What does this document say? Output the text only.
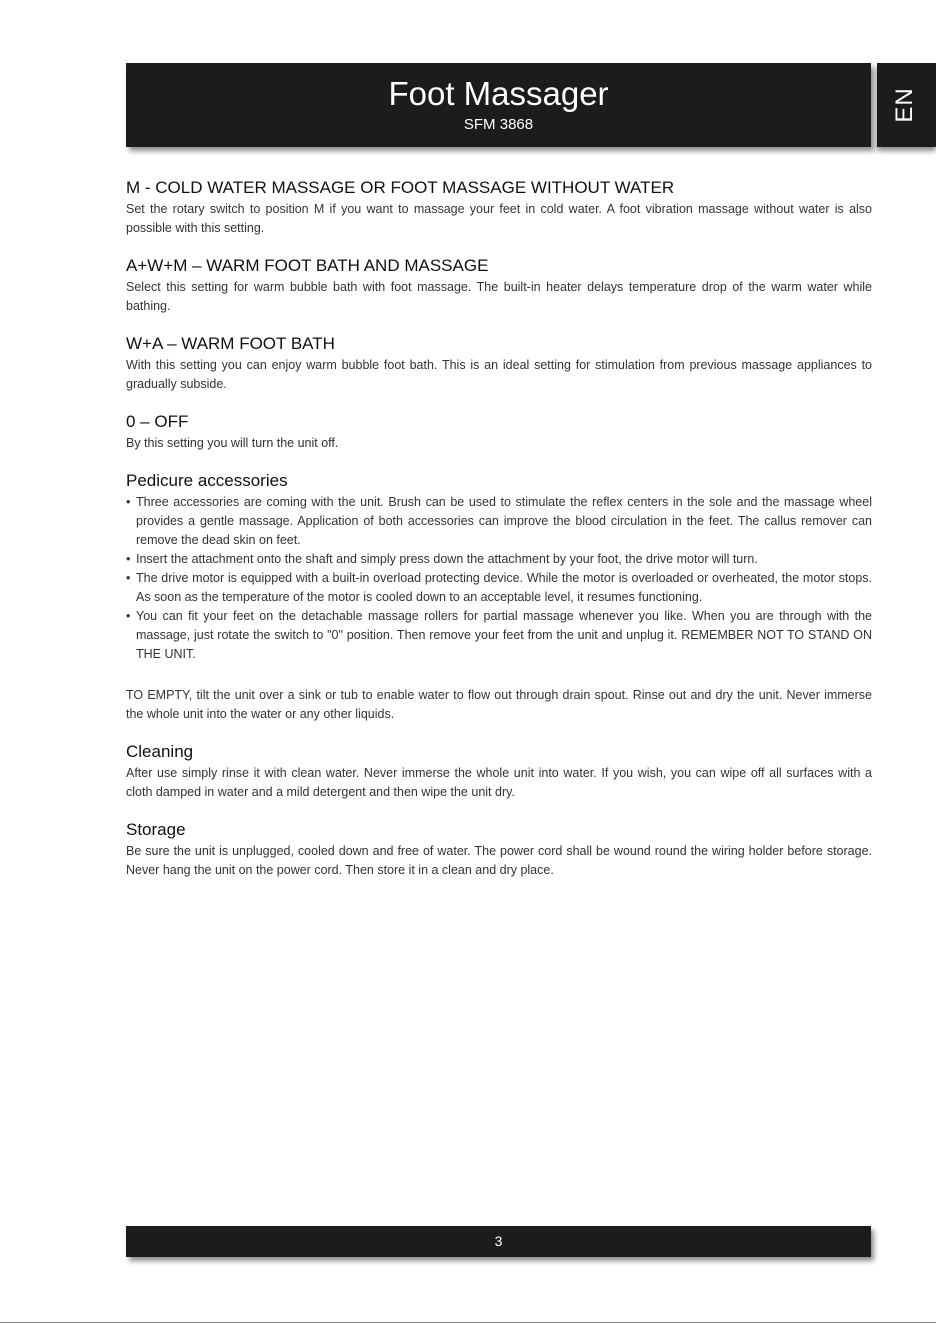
Foot Massager
SFM 3868
EN
M - COLD WATER MASSAGE OR FOOT MASSAGE WITHOUT WATER

Set the rotary switch to position M if you want to massage your feet in cold water. A foot vibration massage without water is also possible with this setting.

A+W+M – WARM FOOT BATH AND MASSAGE

Select this setting for warm bubble bath with foot massage. The built-in heater delays temperature drop of the warm water while bathing.

W+A – WARM FOOT BATH

With this setting you can enjoy warm bubble foot bath. This is an ideal setting for stimulation from previous massage appliances to gradually subside.

0 – OFF

By this setting you will turn the unit off.

Pedicure accessories
• Three accessories are coming with the unit. Brush can be used to stimulate the reflex centers in the sole and the massage wheel provides a gentle massage. Application of both accessories can improve the blood circulation in the feet. The callus remover can remove the dead skin on feet.
• Insert the attachment onto the shaft and simply press down the attachment by your foot, the drive motor will turn.
• The drive motor is equipped with a built-in overload protecting device. While the motor is overloaded or overheated, the motor stops. As soon as the temperature of the motor is cooled down to an acceptable level, it resumes functioning.
• You can fit your feet on the detachable massage rollers for partial massage whenever you like. When you are through with the massage, just rotate the switch to "0" position. Then remove your feet from the unit and unplug it. REMEMBER NOT TO STAND ON THE UNIT.

TO EMPTY, tilt the unit over a sink or tub to enable water to flow out through drain spout. Rinse out and dry the unit. Never immerse the whole unit into the water or any other liquids.

Cleaning

After use simply rinse it with clean water. Never immerse the whole unit into water. If you wish, you can wipe off all surfaces with a cloth damped in water and a mild detergent and then wipe the unit dry.

Storage

Be sure the unit is unplugged, cooled down and free of water. The power cord shall be wound round the wiring holder before storage. Never hang the unit on the power cord. Then store it in a clean and dry place.

3
